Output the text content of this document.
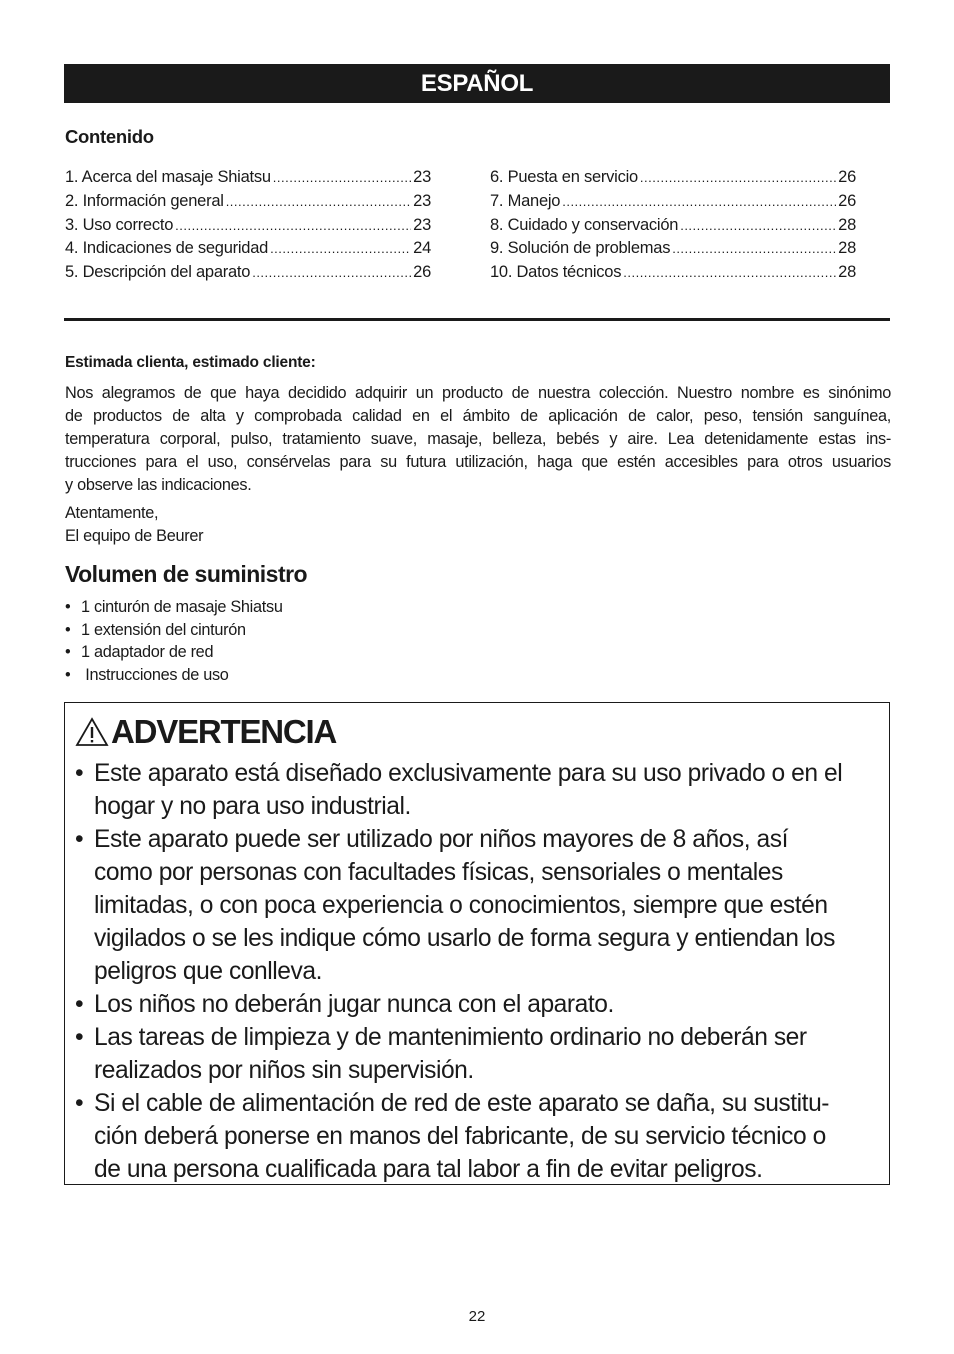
ESPAÑOL
Contenido
1. Acerca del masaje Shiatsu .....	23
2. Información general .....	23
3. Uso correcto .....	23
4. Indicaciones de seguridad .....	24
5. Descripción del aparato .....	26
6. Puesta en servicio .....	26
7. Manejo .....	26
8. Cuidado y conservación .....	28
9. Solución de problemas .....	28
10. Datos técnicos .....	28
Estimada clienta, estimado cliente:
Nos alegramos de que haya decidido adquirir un producto de nuestra colección. Nuestro nombre es sinónimo
de productos de alta y comprobada calidad en el ámbito de aplicación de calor, peso, tensión sanguínea,
temperatura corporal, pulso, tratamiento suave, masaje, belleza, bebés y aire. Lea detenidamente estas ins-
trucciones para el uso, consérvelas para su futura utilización, haga que estén accesibles para otros usuarios
y observe las indicaciones.
Atentamente,
El equipo de Beurer
Volumen de suministro
• 1 cinturón de masaje Shiatsu
• 1 extensión del cinturón
• 1 adaptador de red
• Instrucciones de uso
ADVERTENCIA
• Este aparato está diseñado exclusivamente para su uso privado o en el
hogar y no para uso industrial.
• Este aparato puede ser utilizado por niños mayores de 8 años, así
como por personas con facultades físicas, sensoriales o mentales
limitadas, o con poca experiencia o conocimientos, siempre que estén
vigilados o se les indique cómo usarlo de forma segura y entiendan los
peligros que conlleva.
• Los niños no deberán jugar nunca con el aparato.
• Las tareas de limpieza y de mantenimiento ordinario no deberán ser
realizados por niños sin supervisión.
• Si el cable de alimentación de red de este aparato se daña, su sustitu-
ción deberá ponerse en manos del fabricante, de su servicio técnico o
de una persona cualificada para tal labor a fin de evitar peligros.
22
